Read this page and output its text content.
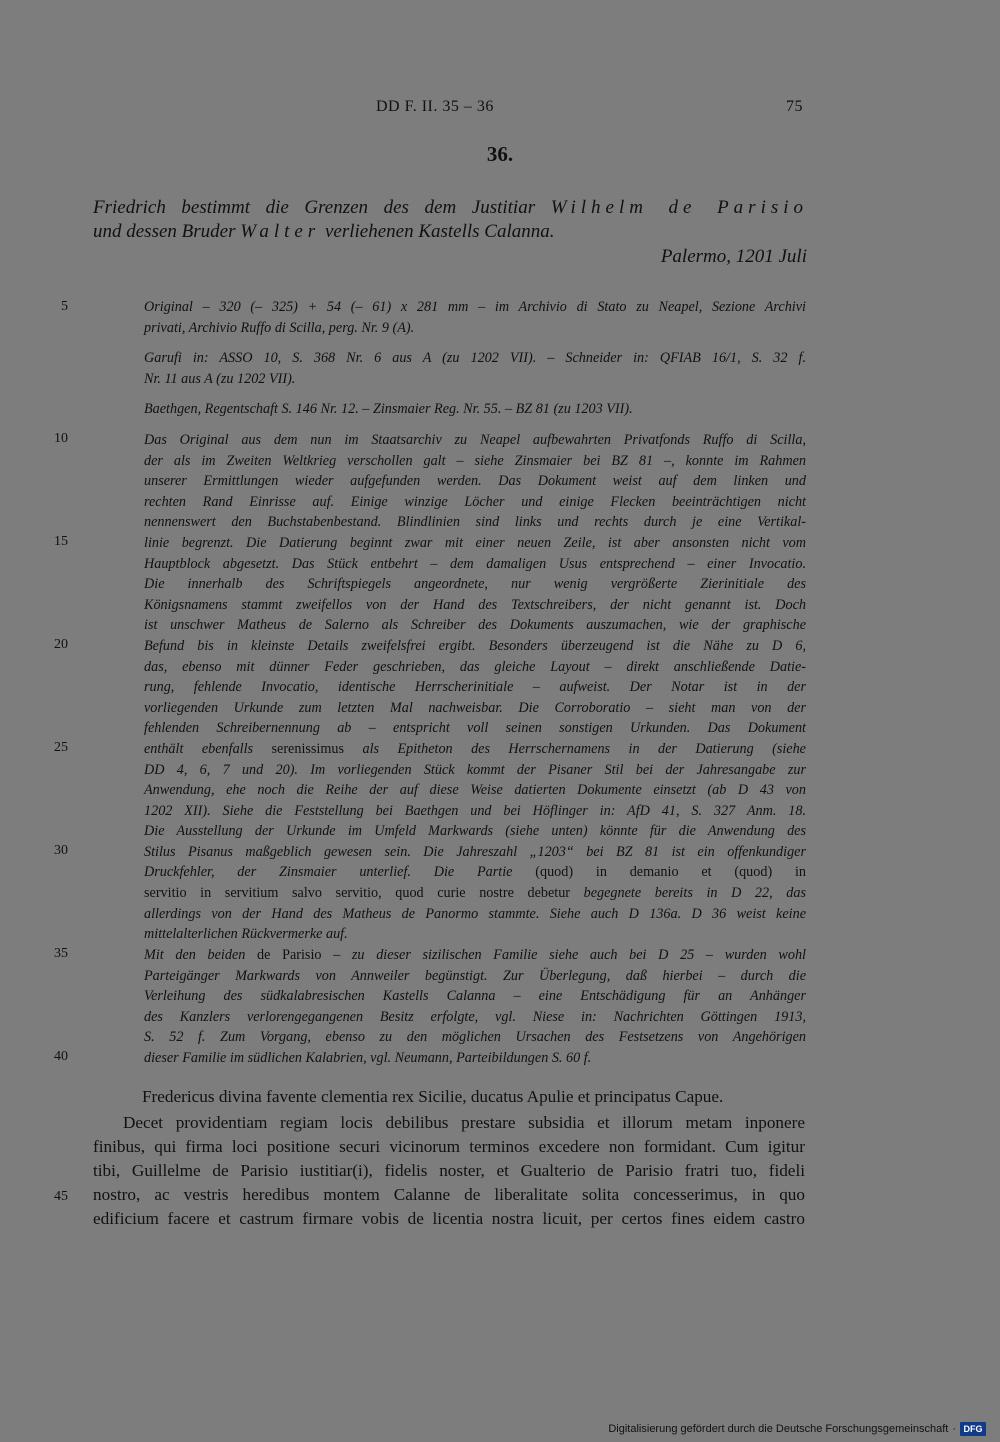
DD F. II. 35 – 36	75
36.
Friedrich bestimmt die Grenzen des dem Justitiar Wilhelm de Parisio
und dessen Bruder Walter verliehenen Kastells Calanna.
Palermo, 1201 Juli
5
10
15
20
25
30
35
40
45
Original – 320 (– 325) + 54 (– 61) x 281 mm – im Archivio di Stato zu Neapel, Sezione Archivi
privati, Archivio Ruffo di Scilla, perg. Nr. 9 (A).
Garufi in: ASSO 10, S. 368 Nr. 6 aus A (zu 1202 VII). – Schneider in: QFIAB 16/1, S. 32 f.
Nr. 11 aus A (zu 1202 VII).
Baethgen, Regentschaft S. 146 Nr. 12. – Zinsmaier Reg. Nr. 55. – BZ 81 (zu 1203 VII).
Das Original aus dem nun im Staatsarchiv zu Neapel aufbewahrten Privatfonds Ruffo di Scilla,
der als im Zweiten Weltkrieg verschollen galt – siehe Zinsmaier bei BZ 81 –, konnte im Rahmen
unserer Ermittlungen wieder aufgefunden werden. Das Dokument weist auf dem linken und
rechten Rand Einrisse auf. Einige winzige Löcher und einige Flecken beeinträchtigen nicht
nennenswert den Buchstabenbestand. Blindlinien sind links und rechts durch je eine Vertikal-
linie begrenzt. Die Datierung beginnt zwar mit einer neuen Zeile, ist aber ansonsten nicht vom
Hauptblock abgesetzt. Das Stück entbehrt – dem damaligen Usus entsprechend – einer Invocatio.
Die innerhalb des Schriftspiegels angeordnete, nur wenig vergrößerte Zierinitiale des
Königsnamens stammt zweifellos von der Hand des Textschreibers, der nicht genannt ist. Doch
ist unschwer Matheus de Salerno als Schreiber des Dokuments auszumachen, wie der graphische
Befund bis in kleinste Details zweifelsfrei ergibt. Besonders überzeugend ist die Nähe zu D 6,
das, ebenso mit dünner Feder geschrieben, das gleiche Layout – direkt anschließende Datie-
rung, fehlende Invocatio, identische Herrscherinitiale – aufweist. Der Notar ist in der
vorliegenden Urkunde zum letzten Mal nachweisbar. Die Corroboratio – sieht man von der
fehlenden Schreibernennung ab – entspricht voll seinen sonstigen Urkunden. Das Dokument
enthält ebenfalls serenissimus als Epitheton des Herrschernamens in der Datierung (siehe
DD 4, 6, 7 und 20). Im vorliegenden Stück kommt der Pisaner Stil bei der Jahresangabe zur
Anwendung, ehe noch die Reihe der auf diese Weise datierten Dokumente einsetzt (ab D 43 von
1202 XII). Siehe die Feststellung bei Baethgen und bei Höflinger in: AfD 41, S. 327 Anm. 18.
Die Ausstellung der Urkunde im Umfeld Markwards (siehe unten) könnte für die Anwendung des
Stilus Pisanus maßgeblich gewesen sein. Die Jahreszahl „1203“ bei BZ 81 ist ein offenkundiger
Druckfehler, der Zinsmaier unterlief. Die Partie (quod) in demanio et (quod) in
servitio in servitium salvo servitio, quod curie nostre debetur begegnete bereits in D 22, das
allerdings von der Hand des Matheus de Panormo stammte. Siehe auch D 136a. D 36 weist keine
mittelalterlichen Rückvermerke auf.
Mit den beiden de Parisio – zu dieser sizilischen Familie siehe auch bei D 25 – wurden wohl
Parteigänger Markwards von Annweiler begünstigt. Zur Überlegung, daß hierbei – durch die
Verleihung des südkalabresischen Kastells Calanna – eine Entschädigung für an Anhänger
des Kanzlers verlorengegangenen Besitz erfolgte, vgl. Niese in: Nachrichten Göttingen 1913,
S. 52 f. Zum Vorgang, ebenso zu den möglichen Ursachen des Festsetzens von Angehörigen
dieser Familie im südlichen Kalabrien, vgl. Neumann, Parteibildungen S. 60 f.
Fredericus divina favente clementia rex Sicilie, ducatus Apulie et principatus Capue.
Decet providentiam regiam locis debilibus prestare subsidia et illorum metam inponere
finibus, qui firma loci positione securi vicinorum terminos excedere non formidant. Cum igitur
tibi, Guillelme de Parisio iustitiar(i), fidelis noster, et Gualterio de Parisio fratri tuo, fideli
nostro, ac vestris heredibus montem Calanne de liberalitate solita concesserimus, in quo
edificium facere et castrum firmare vobis de licentia nostra licuit, per certos fines eidem castro
Digitalisierung gefördert durch die Deutsche Forschungsgemeinschaft · DFG
